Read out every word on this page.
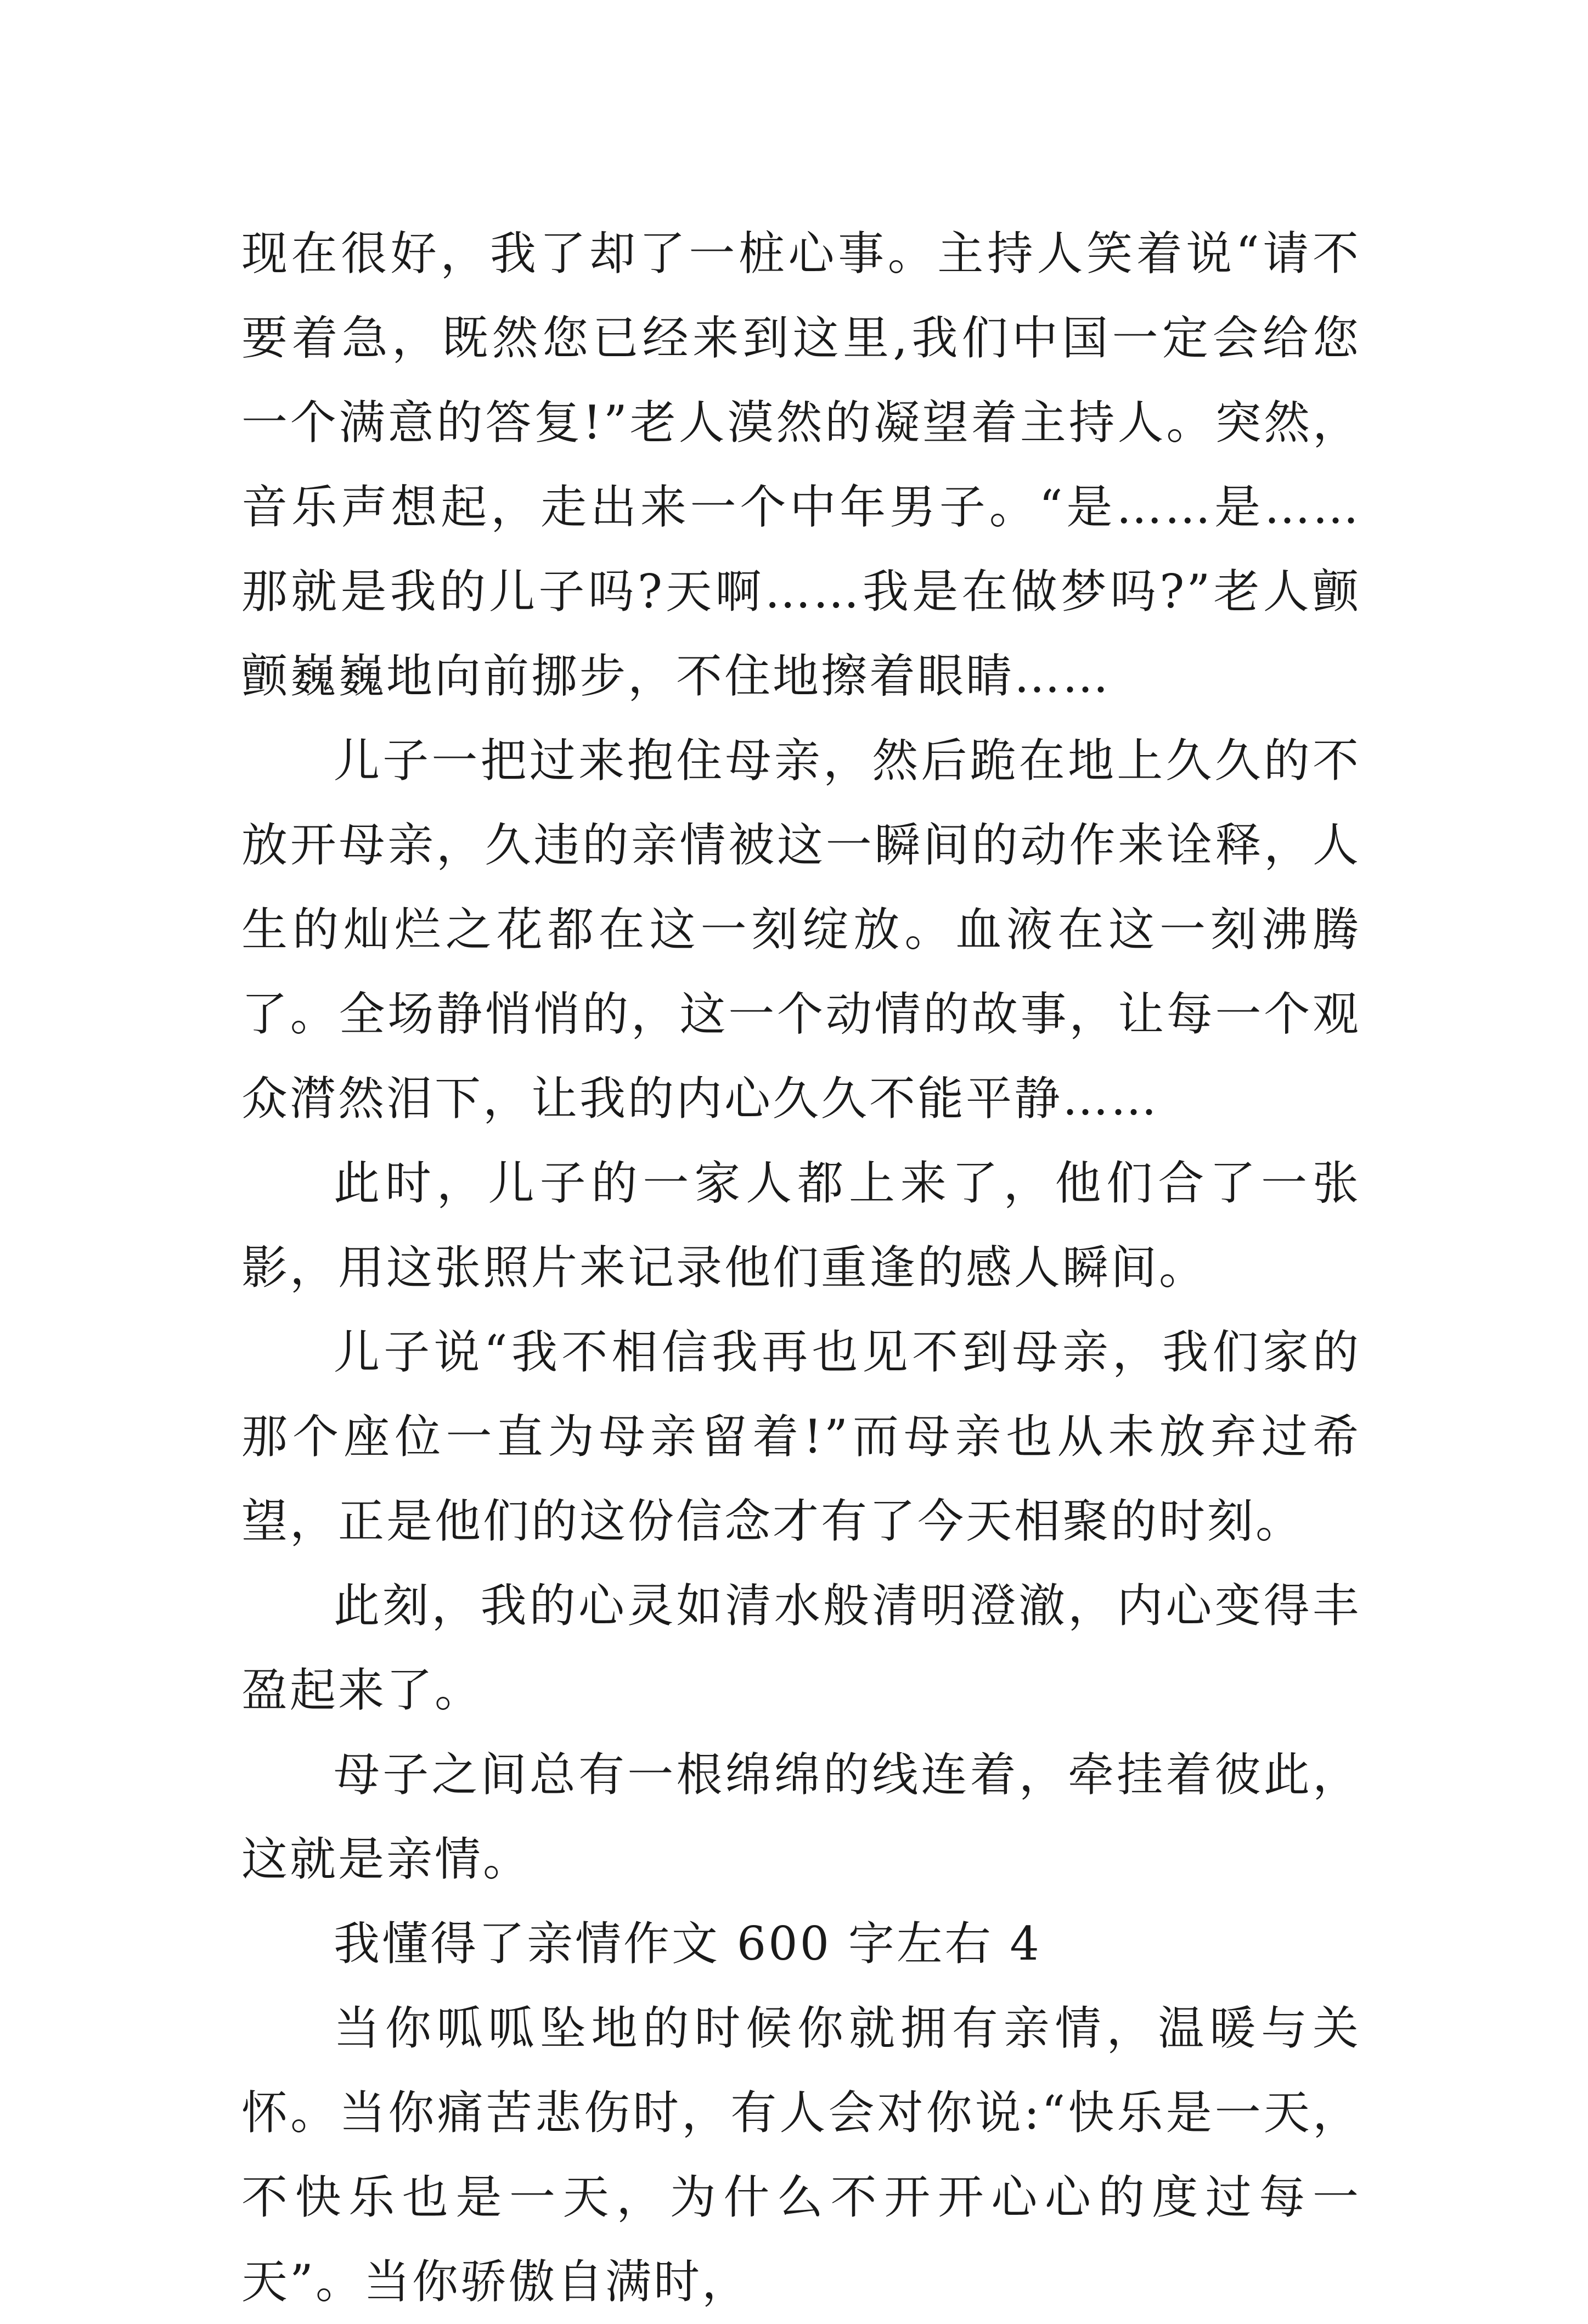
现在很好，我了却了一桩心事。主持人笑着说“请不要着急，既然您已经来到这里,我们中国一定会给您一个满意的答复!”老人漠然的凝望着主持人。突然，音乐声想起，走出来一个中年男子。“是……是……那就是我的儿子吗?天啊……我是在做梦吗?”老人颤颤巍巍地向前挪步，不住地擦着眼睛……

儿子一把过来抱住母亲，然后跪在地上久久的不放开母亲，久违的亲情被这一瞬间的动作来诠释，人生的灿烂之花都在这一刻绽放。血液在这一刻沸腾了。全场静悄悄的，这一个动情的故事，让每一个观众潸然泪下，让我的内心久久不能平静……

此时，儿子的一家人都上来了，他们合了一张影，用这张照片来记录他们重逢的感人瞬间。

儿子说“我不相信我再也见不到母亲，我们家的那个座位一直为母亲留着!”而母亲也从未放弃过希望，正是他们的这份信念才有了今天相聚的时刻。

此刻，我的心灵如清水般清明澄澈，内心变得丰盈起来了。

母子之间总有一根绵绵的线连着，牵挂着彼此，这就是亲情。

我懂得了亲情作文 600 字左右 4

当你呱呱坠地的时候你就拥有亲情，温暖与关怀。当你痛苦悲伤时，有人会对你说:“快乐是一天，不快乐也是一天，为什么不开开心心的度过每一天”。当你骄傲自满时，
